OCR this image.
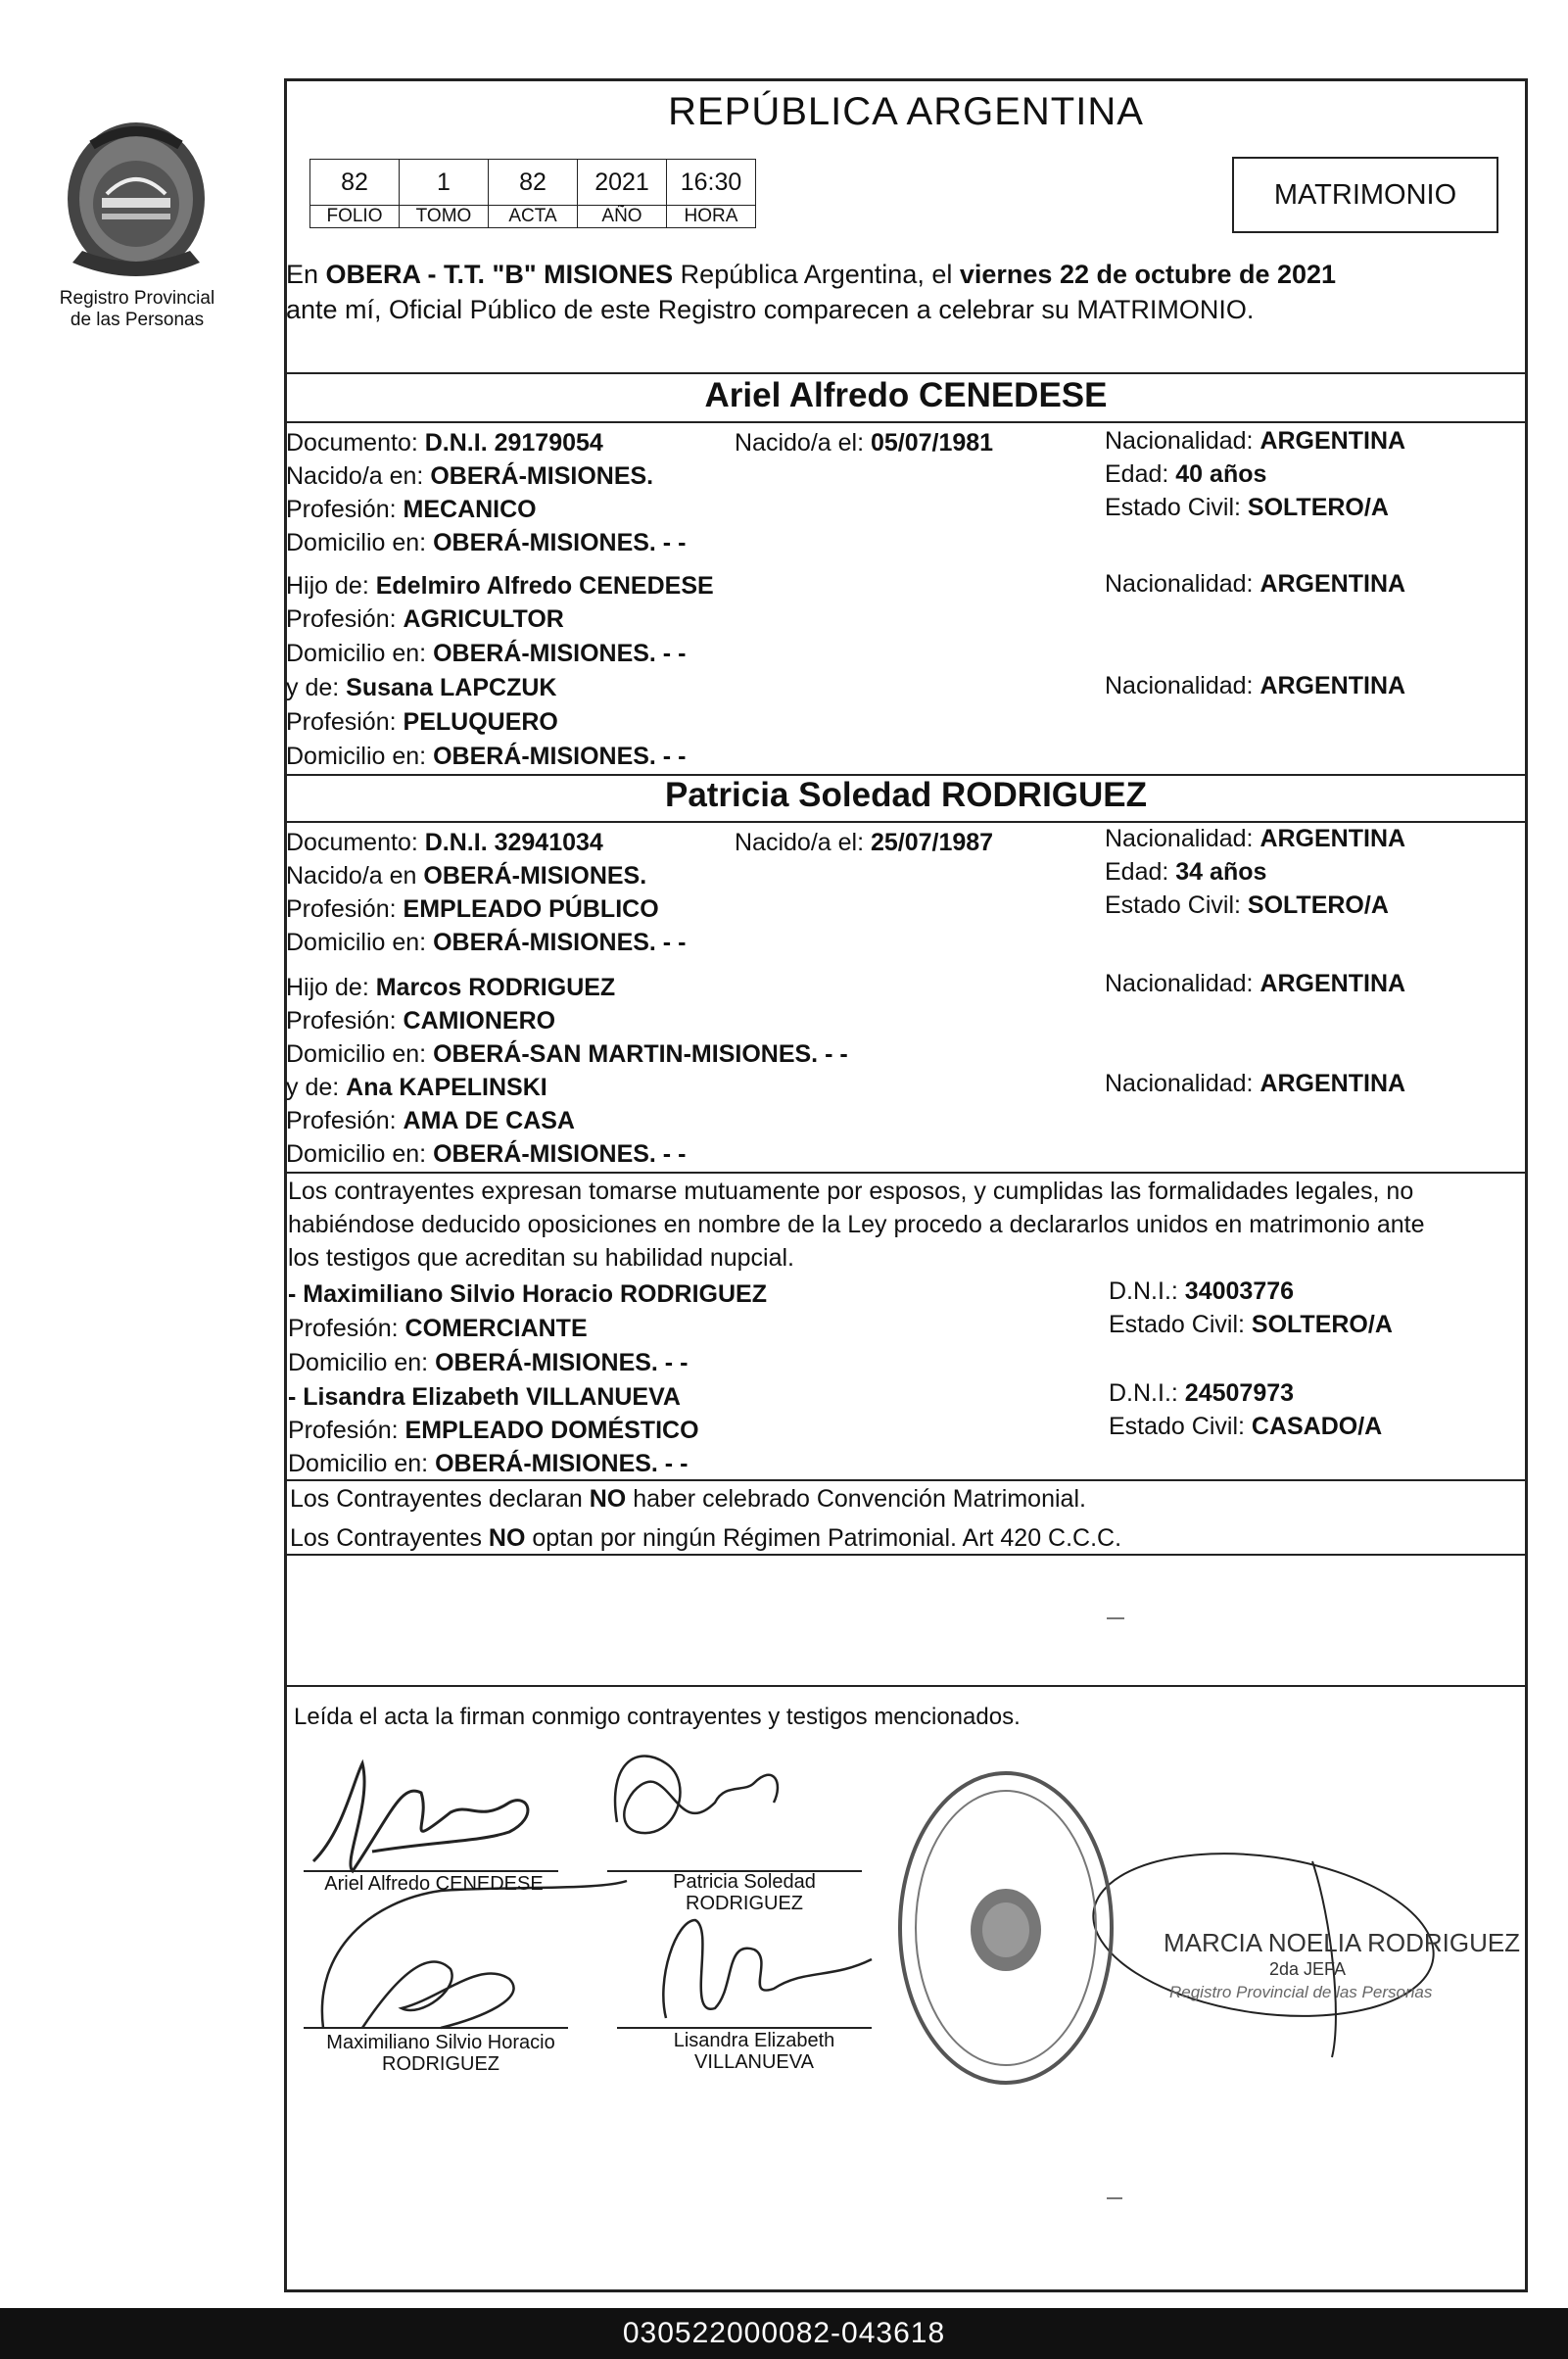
Registro Provincial
de las Personas
REPÚBLICA ARGENTINA
82	1	82	2021	16:30
FOLIO	TOMO	ACTA	AÑO	HORA
MATRIMONIO
En OBERA - T.T. "B" MISIONES República Argentina, el viernes 22 de octubre de 2021
ante mí, Oficial Público de este Registro comparecen a celebrar su MATRIMONIO.
Ariel Alfredo CENEDESE
Documento: D.N.I. 29179054	Nacido/a el: 05/07/1981	Nacionalidad: ARGENTINA
Nacido/a en: OBERÁ-MISIONES.	Edad: 40 años
Profesión: MECANICO	Estado Civil: SOLTERO/A
Domicilio en: OBERÁ-MISIONES. - -
Hijo de: Edelmiro Alfredo CENEDESE	Nacionalidad: ARGENTINA
Profesión: AGRICULTOR
Domicilio en: OBERÁ-MISIONES. - -
y de: Susana LAPCZUK	Nacionalidad: ARGENTINA
Profesión: PELUQUERO
Domicilio en: OBERÁ-MISIONES. - -
Patricia Soledad RODRIGUEZ
Documento: D.N.I. 32941034	Nacido/a el: 25/07/1987	Nacionalidad: ARGENTINA
Nacido/a en OBERÁ-MISIONES.	Edad: 34 años
Profesión: EMPLEADO PÚBLICO	Estado Civil: SOLTERO/A
Domicilio en: OBERÁ-MISIONES. - -
Hijo de: Marcos RODRIGUEZ	Nacionalidad: ARGENTINA
Profesión: CAMIONERO
Domicilio en: OBERÁ-SAN MARTIN-MISIONES. - -
y de: Ana KAPELINSKI	Nacionalidad: ARGENTINA
Profesión: AMA DE CASA
Domicilio en: OBERÁ-MISIONES. - -
Los contrayentes expresan tomarse mutuamente por esposos, y cumplidas las formalidades legales, no
habiéndose deducido oposiciones en nombre de la Ley procedo a declararlos unidos en matrimonio ante
los testigos que acreditan su habilidad nupcial.
- Maximiliano Silvio Horacio RODRIGUEZ	D.N.I.: 34003776
Profesión: COMERCIANTE	Estado Civil: SOLTERO/A
Domicilio en: OBERÁ-MISIONES. - -
- Lisandra Elizabeth VILLANUEVA	D.N.I.: 24507973
Profesión: EMPLEADO DOMÉSTICO	Estado Civil: CASADO/A
Domicilio en: OBERÁ-MISIONES. - -
Los Contrayentes declaran NO haber celebrado Convención Matrimonial.
Los Contrayentes NO optan por ningún Régimen Patrimonial. Art 420 C.C.C.
Leída el acta la firman conmigo contrayentes y testigos mencionados.
Ariel Alfredo CENEDESE	Patricia Soledad
RODRIGUEZ
Maximiliano Silvio Horacio
RODRIGUEZ
Lisandra Elizabeth
VILLANUEVA
MARCIA NOELIA RODRIGUEZ
2da JEFA
Registro Provincial de las Personas
030522000082-043618
